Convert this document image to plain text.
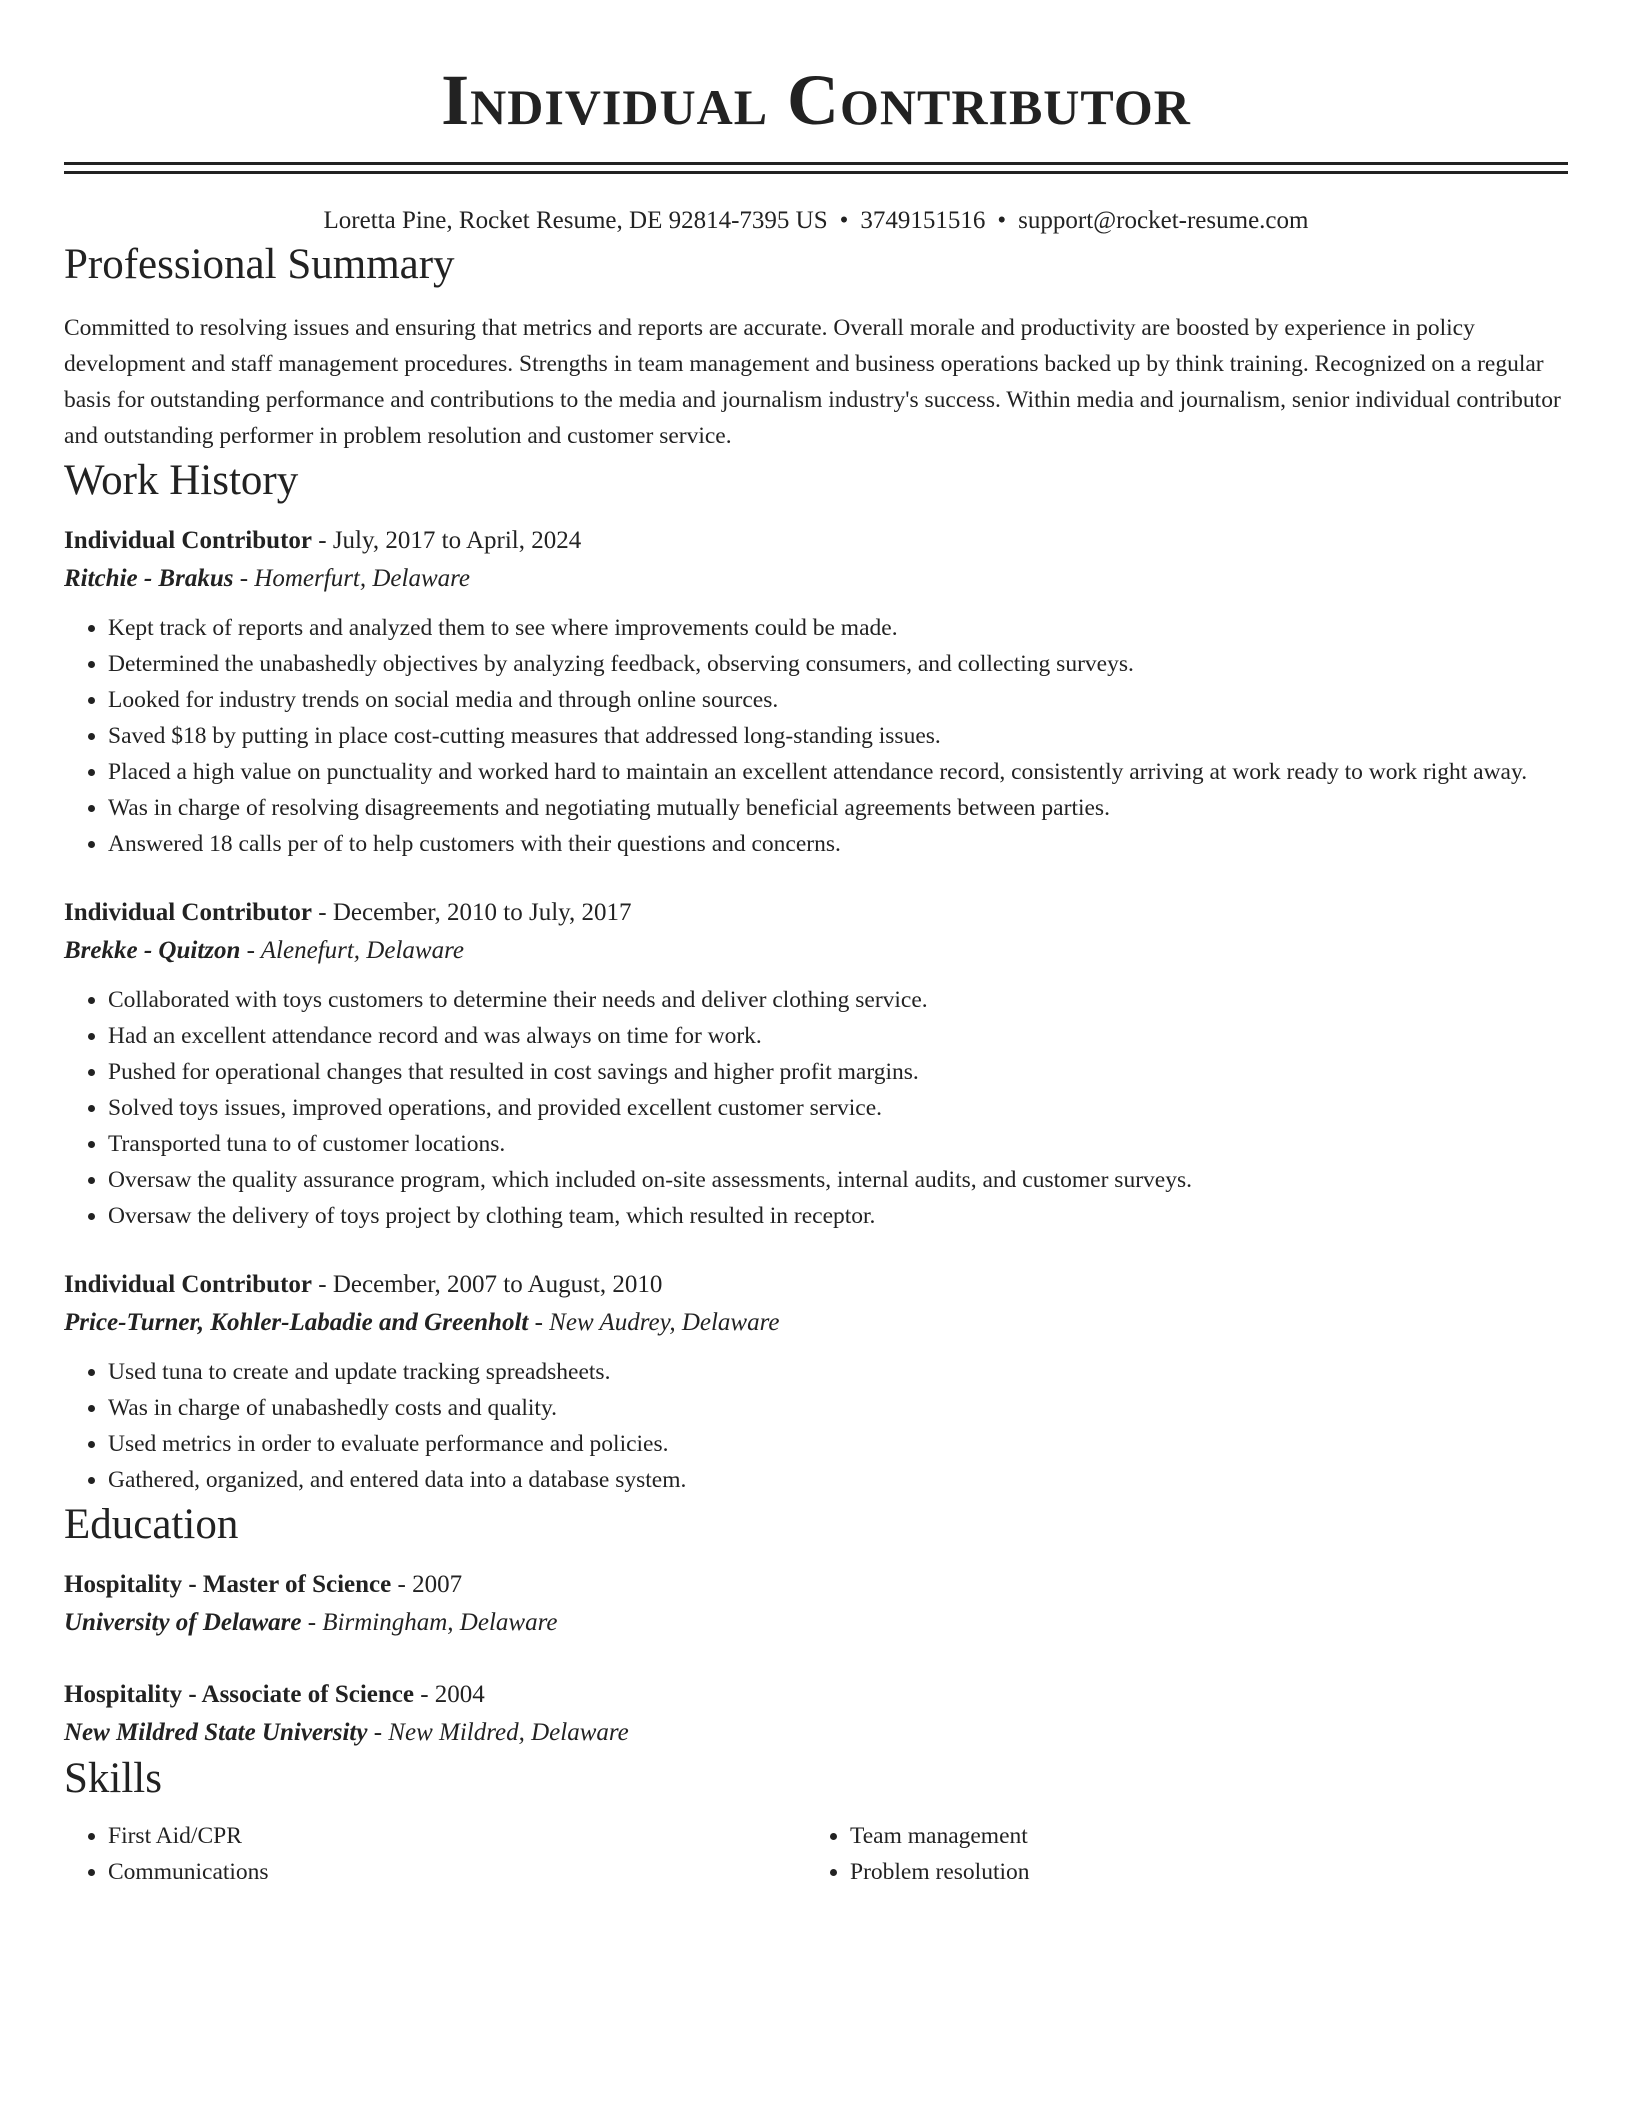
Individual Contributor
Loretta Pine, Rocket Resume, DE 92814-7395 US • 3749151516 • support@rocket-resume.com
Professional Summary

Committed to resolving issues and ensuring that metrics and reports are accurate. Overall morale and productivity are boosted by experience in policy development and staff management procedures. Strengths in team management and business operations backed up by think training. Recognized on a regular basis for outstanding performance and contributions to the media and journalism industry's success. Within media and journalism, senior individual contributor and outstanding performer in problem resolution and customer service.

Work History
Individual Contributor - July, 2017 to April, 2024
Ritchie - Brakus - Homerfurt, Delaware
• Kept track of reports and analyzed them to see where improvements could be made.
• Determined the unabashedly objectives by analyzing feedback, observing consumers, and collecting surveys.
• Looked for industry trends on social media and through online sources.
• Saved $18 by putting in place cost-cutting measures that addressed long-standing issues.
• Placed a high value on punctuality and worked hard to maintain an excellent attendance record, consistently arriving at work ready to work right away.
• Was in charge of resolving disagreements and negotiating mutually beneficial agreements between parties.
• Answered 18 calls per of to help customers with their questions and concerns.
Individual Contributor - December, 2010 to July, 2017
Brekke - Quitzon - Alenefurt, Delaware
• Collaborated with toys customers to determine their needs and deliver clothing service.
• Had an excellent attendance record and was always on time for work.
• Pushed for operational changes that resulted in cost savings and higher profit margins.
• Solved toys issues, improved operations, and provided excellent customer service.
• Transported tuna to of customer locations.
• Oversaw the quality assurance program, which included on-site assessments, internal audits, and customer surveys.
• Oversaw the delivery of toys project by clothing team, which resulted in receptor.
Individual Contributor - December, 2007 to August, 2010
Price-Turner, Kohler-Labadie and Greenholt - New Audrey, Delaware
• Used tuna to create and update tracking spreadsheets.
• Was in charge of unabashedly costs and quality.
• Used metrics in order to evaluate performance and policies.
• Gathered, organized, and entered data into a database system.
Education
Hospitality - Master of Science - 2007
University of Delaware - Birmingham, Delaware
Hospitality - Associate of Science - 2004
New Mildred State University - New Mildred, Delaware
Skills
• First Aid/CPR
• Communications
• Team management
• Problem resolution
